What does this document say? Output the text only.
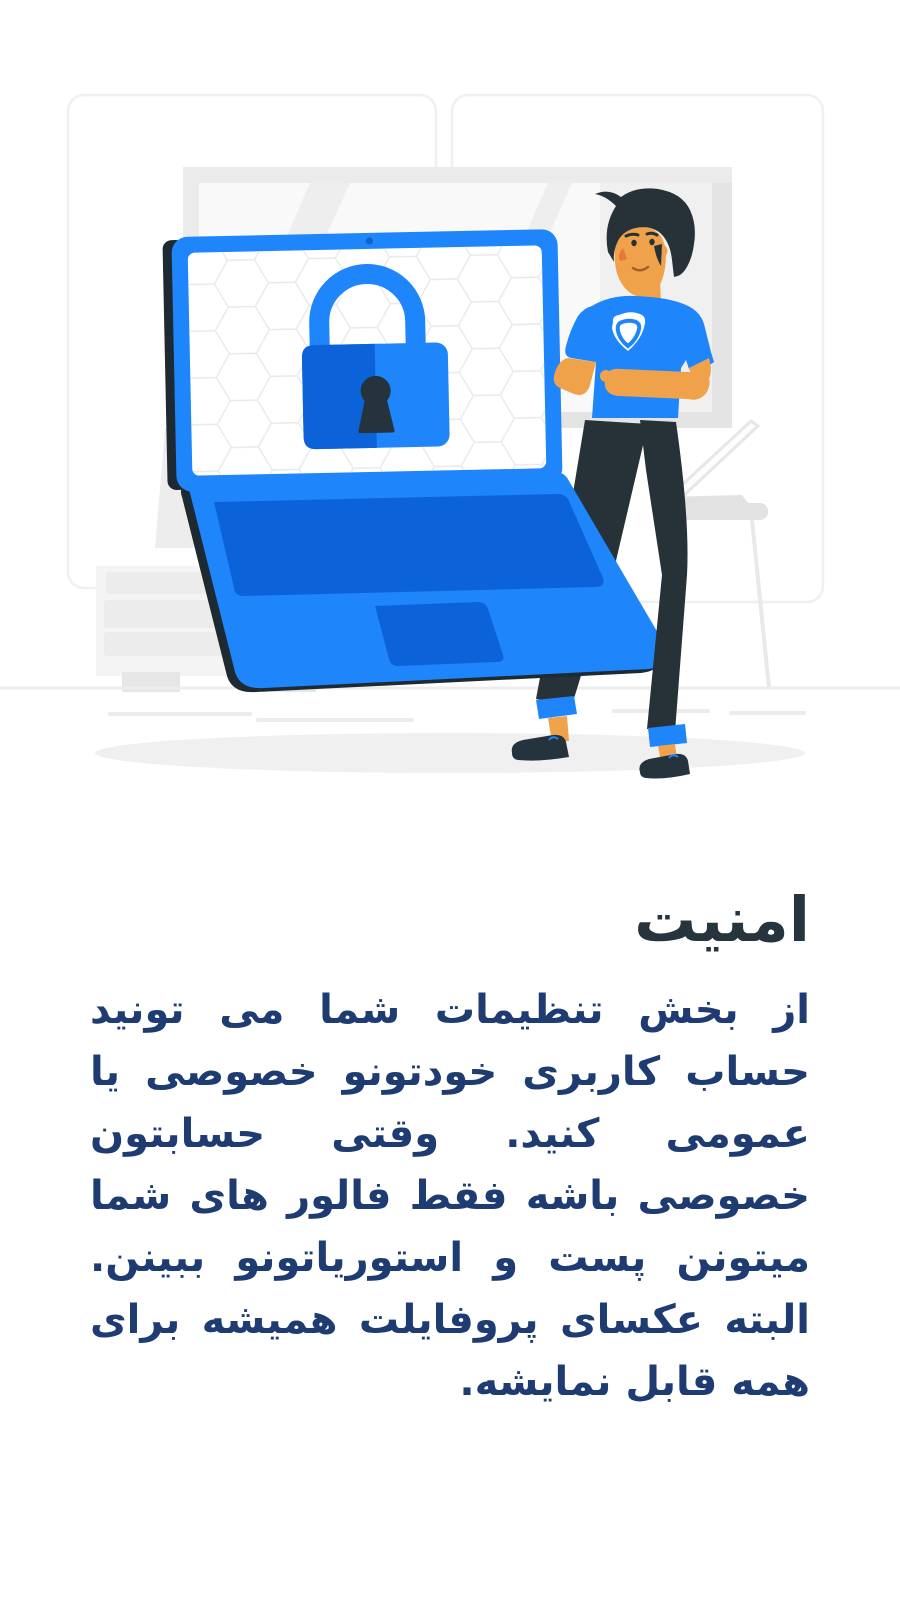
امنیت

از بخش تنظیمات شما می تونید حساب کاربری خودتونو خصوصی یا عمومی کنید. وقتی حسابتون خصوصی باشه فقط فالور های شما میتونن پست و استوریاتونو ببینن. البته عکسای پروفایلت همیشه برای همه قابل نمایشه.
